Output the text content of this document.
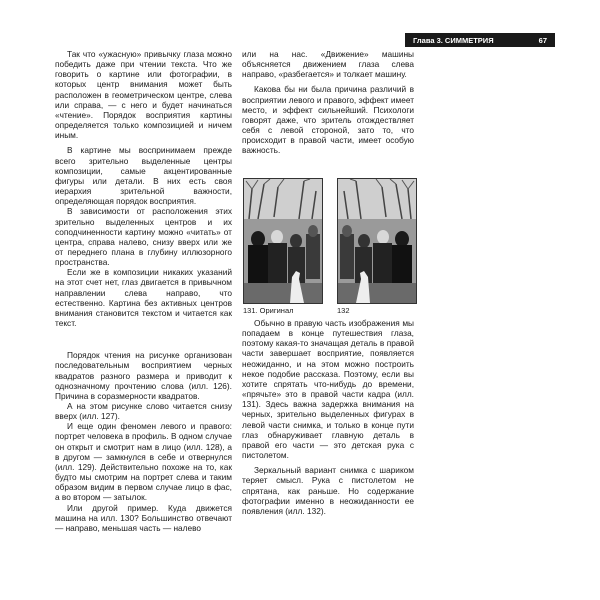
Глава 3. СИММЕТРИЯ	67

Так что «ужасную» привычку глаза можно победить даже при чтении текста. Что же говорить о картине или фотографии, в которых центр внимания может быть расположен в геометрическом центре, слева или справа, — с него и будет начинаться «чтение». Порядок восприятия картины определяется только композицией и ничем иным.

В картине мы воспринимаем прежде всего зрительно выделенные центры композиции, самые акцентированные фигуры или детали. В них есть своя иерархия зрительной важности, определяющая порядок восприятия.

В зависимости от расположения этих зрительно выделенных центров и их соподчиненности картину можно «читать» от центра, справа налево, снизу вверх или же от переднего плана в глубину иллюзорного пространства.

Если же в композиции никаких указаний на этот счет нет, глаз двигается в привычном направлении слева направо, что естественно. Картина без активных центров внимания становится текстом и читается как текст.

Порядок чтения на рисунке организован последовательным восприятием черных квадратов разного размера и приводит к однозначному прочтению слова (илл. 126). Причина в соразмерности квадратов.

А на этом рисунке слово читается снизу вверх (илл. 127).

И еще один феномен левого и правого: портрет человека в профиль. В одном случае он открыт и смотрит нам в лицо (илл. 128), а в другом — замкнулся в себе и отвернулся (илл. 129). Действительно похоже на то, как будто мы смотрим на портрет слева и таким образом видим в первом случае лицо в фас, а во втором — затылок.

Или другой пример. Куда движется машина на илл. 130? Большинство отвечают — направо, меньшая часть — налево

или на нас. «Движение» машины объясняется движением глаза слева направо, «разбегается» и толкает машину.

Какова бы ни была причина различий в восприятии левого и правого, эффект имеет место, и эффект сильнейший. Психологи говорят даже, что зритель отождествляет себя с левой стороной, зато то, что происходит в правой части, имеет особую важность.

131. Оригинал	132

Обычно в правую часть изображения мы попадаем в конце путешествия глаза, поэтому какая-то значащая деталь в правой части завершает восприятие, появляется неожиданно, и на этом можно построить некое подобие рассказа. Поэтому, если вы хотите спрятать что-нибудь до времени, «прячьте» это в правой части кадра (илл. 131). Здесь важна задержка внимания на черных, зрительно выделенных фигурах в левой части снимка, и только в конце пути глаз обнаруживает главную деталь в правой его части — это детская рука с пистолетом.

Зеркальный вариант снимка с шариком теряет смысл. Рука с пистолетом не спрятана, как раньше. Но содержание фотографии именно в неожиданности ее появления (илл. 132).
